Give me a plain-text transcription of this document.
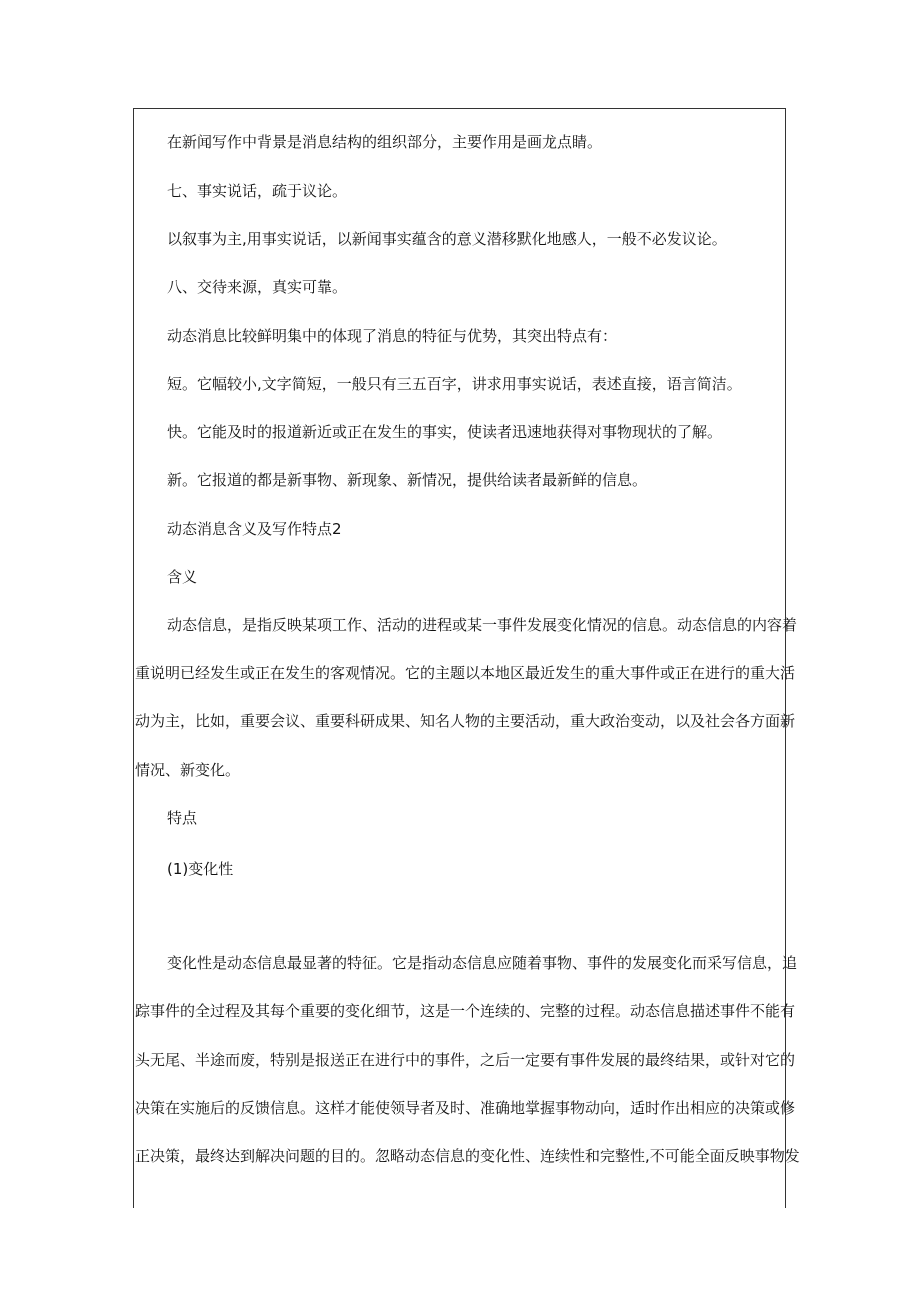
在新闻写作中背景是消息结构的组织部分，主要作用是画龙点睛。
七、事实说话，疏于议论。
以叙事为主,用事实说话，以新闻事实蕴含的意义潜移默化地感人，一般不必发议论。
八、交待来源，真实可靠。
动态消息比较鲜明集中的体现了消息的特征与优势，其突出特点有：
短。它幅较小,文字简短，一般只有三五百字，讲求用事实说话，表述直接，语言简洁。
快。它能及时的报道新近或正在发生的事实，使读者迅速地获得对事物现状的了解。
新。它报道的都是新事物、新现象、新情况，提供给读者最新鲜的信息。
动态消息含义及写作特点2
含义
动态信息，是指反映某项工作、活动的进程或某一事件发展变化情况的信息。动态信息的内容着
重说明已经发生或正在发生的客观情况。它的主题以本地区最近发生的重大事件或正在进行的重大活
动为主，比如，重要会议、重要科研成果、知名人物的主要活动，重大政治变动，以及社会各方面新
情况、新变化。
特点
(1)变化性
变化性是动态信息最显著的特征。它是指动态信息应随着事物、事件的发展变化而采写信息，追
踪事件的全过程及其每个重要的变化细节，这是一个连续的、完整的过程。动态信息描述事件不能有
头无尾、半途而废，特别是报送正在进行中的事件，之后一定要有事件发展的最终结果，或针对它的
决策在实施后的反馈信息。这样才能使领导者及时、准确地掌握事物动向，适时作出相应的决策或修
正决策，最终达到解决问题的目的。忽略动态信息的变化性、连续性和完整性,不可能全面反映事物发
